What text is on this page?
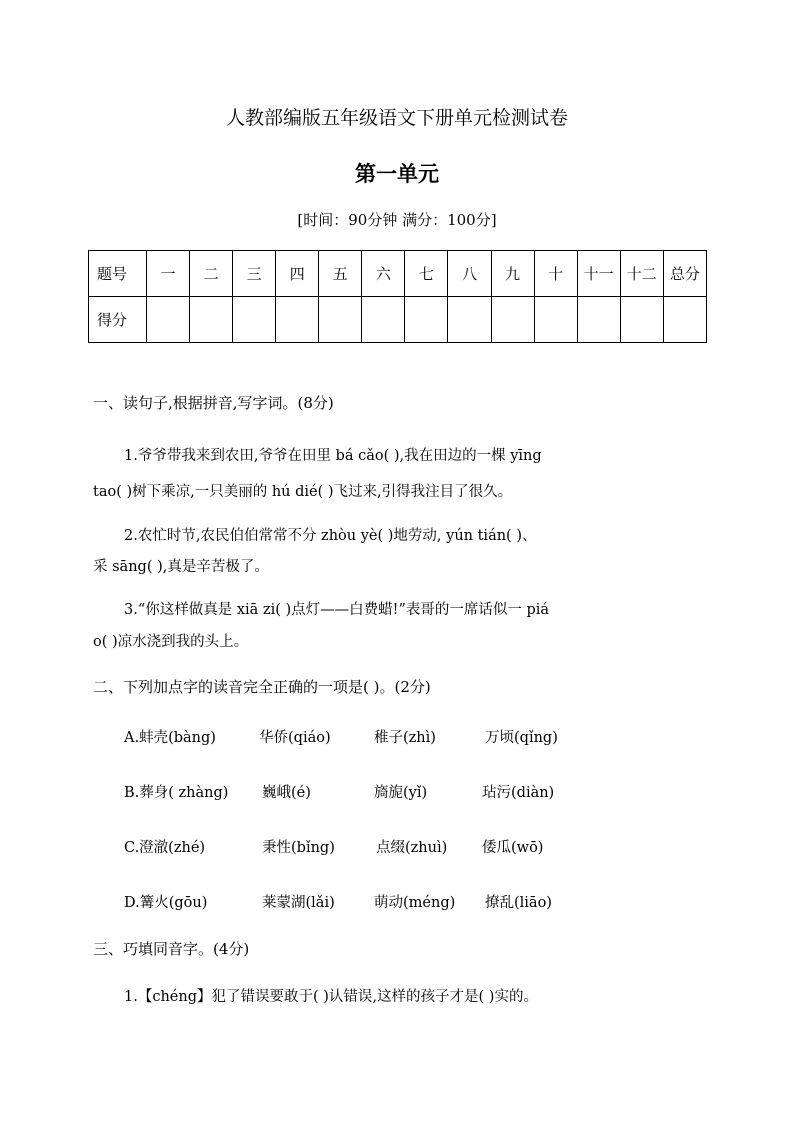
人教部编版五年级语文下册单元检测试卷
第一单元
[时间：90分钟 满分：100分]
题号	一	二	三	四	五	六	七	八	九	十	十一	十二	总分
得分													
一、读句子,根据拼音,写字词。(8分)
1.爷爷带我来到农田,爷爷在田里 bá cǎo( ),我在田边的一棵 yīng
tao( )树下乘凉,一只美丽的 hú dié( )飞过来,引得我注目了很久。
2.农忙时节,农民伯伯常常不分 zhòu yè( )地劳动, yún tián( )、
采 sāng( ),真是辛苦极了。
3.“你这样做真是 xiā zi( )点灯——白费蜡!”表哥的一席话似一 piá
o( )凉水浇到我的头上。
二、下列加点字的读音完全正确的一项是( )。(2分)
A.蚌壳(bàng)	华侨(qiáo)	稚子(zhì)	万顷(qǐng)
B.葬身( zhàng) 巍峨(é)	旖旎(yǐ)	玷污(diàn)
C.澄澈(zhé)	秉性(bǐng)	点缀(zhuì) 倭瓜(wō)
D.篝火(gōu)	莱蒙湖(lǎi)	萌动(méng) 撩乱(liāo)
三、巧填同音字。(4分)
1.【chéng】犯了错误要敢于( )认错误,这样的孩子才是( )实的。
